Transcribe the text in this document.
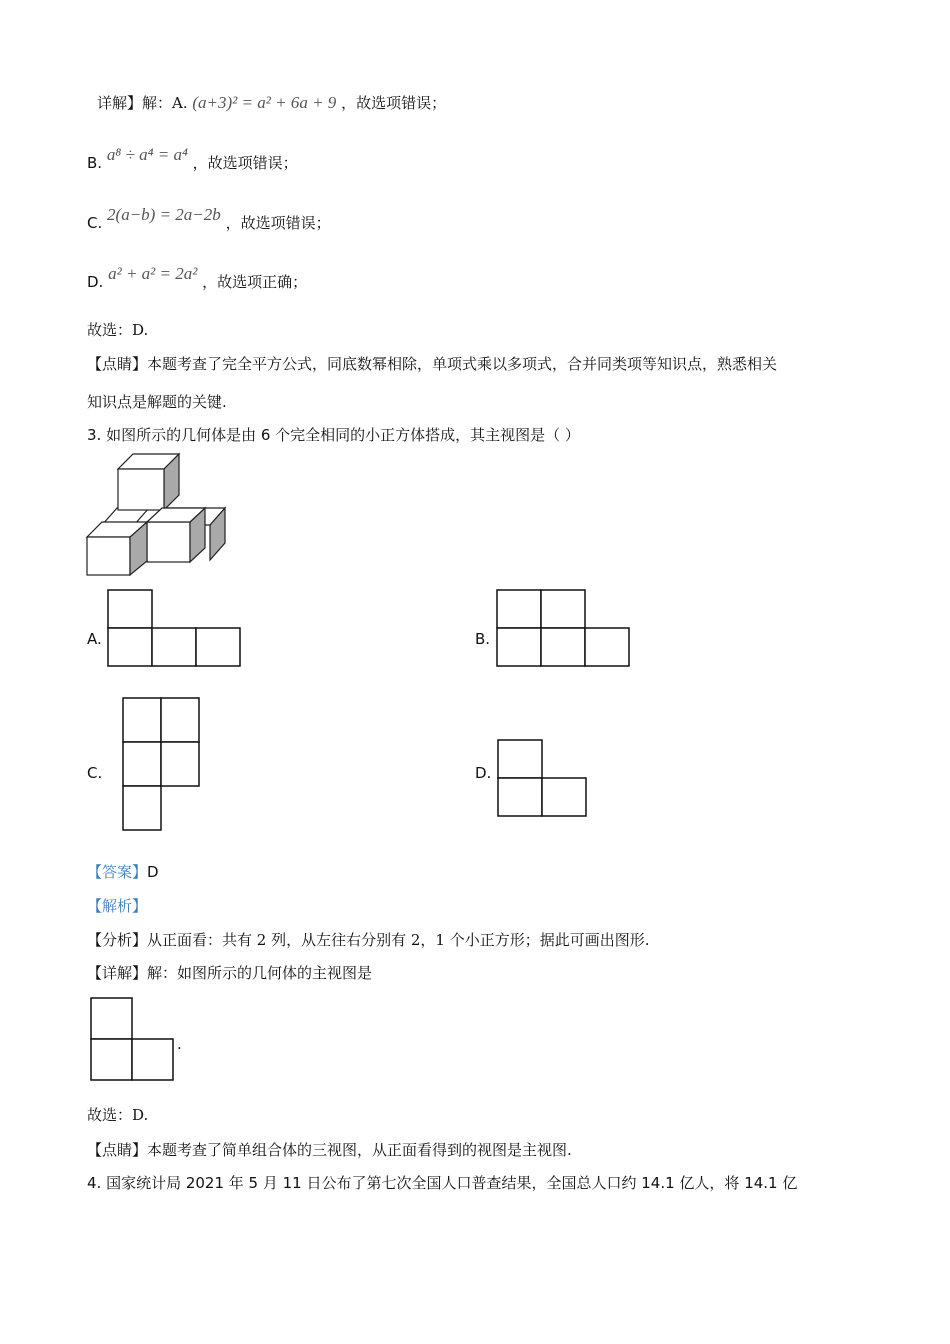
详解】解：A. (a+3)² = a² + 6a + 9 ，故选项错误；
B. a⁸ ÷ a⁴ = a⁴ ，故选项错误；
C. 2(a−b) = 2a−2b ，故选项错误；
D. a² + a² = 2a² ，故选项正确；
故选：D.
【点睛】本题考查了完全平方公式，同底数幂相除，单项式乘以多项式，合并同类项等知识点，熟悉相关
知识点是解题的关键.
3. 如图所示的几何体是由 6 个完全相同的小正方体搭成，其主视图是（ ）
A.	B.
C.	D.
【答案】D
【解析】
【分析】从正面看：共有 2 列，从左往右分别有 2，1 个小正方形；据此可画出图形.
【详解】解：如图所示的几何体的主视图是
.
故选：D.
【点睛】本题考查了简单组合体的三视图，从正面看得到的视图是主视图.
4. 国家统计局 2021 年 5 月 11 日公布了第七次全国人口普查结果，全国总人口约 14.1 亿人，将 14.1 亿
